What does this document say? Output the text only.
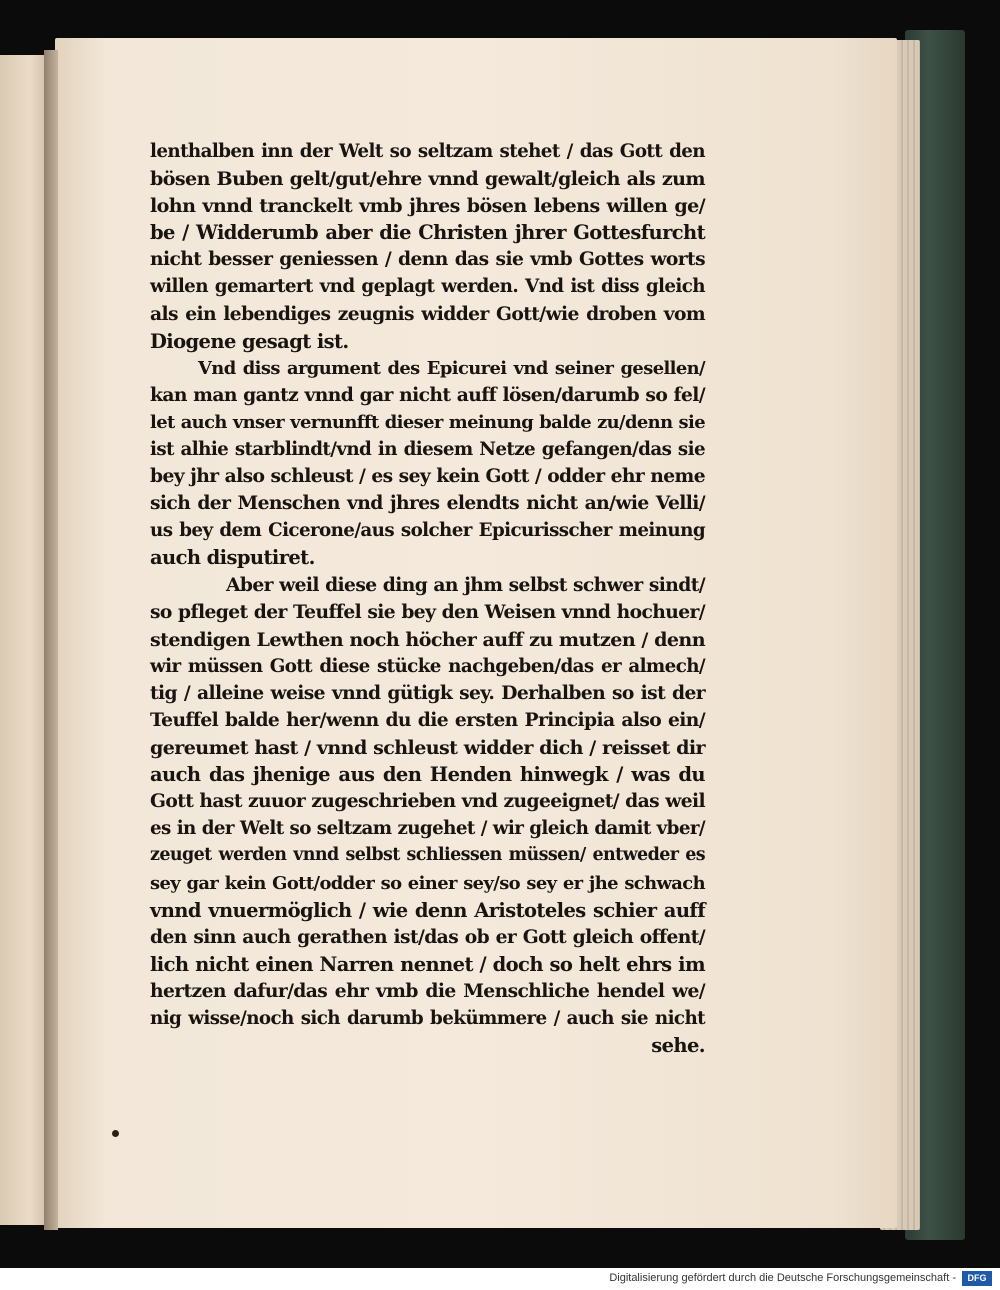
lenthalben inn der Welt so seltzam stehet / das Gott den
bösen Buben gelt/gut/ehre vnnd gewalt/gleich als zum
lohn vnnd tranckelt vmb jhres bösen lebens willen ge/
be / Widderumb aber die Christen jhrer Gottesfurcht
nicht besser geniessen / denn das sie vmb Gottes worts
willen gemartert vnd geplagt werden. Vnd ist diss gleich
als ein lebendiges zeugnis widder Gott/wie droben vom
Diogene gesagt ist.
Vnd diss argument des Epicurei vnd seiner gesellen/
kan man gantz vnnd gar nicht auff lösen/darumb so fel/
let auch vnser vernunfft dieser meinung balde zu/denn sie
ist alhie starblindt/vnd in diesem Netze gefangen/das sie
bey jhr also schleust / es sey kein Gott / odder ehr neme
sich der Menschen vnd jhres elendts nicht an/wie Velli/
us bey dem Cicerone/aus solcher Epicurisscher meinung
auch disputiret.
Aber weil diese ding an jhm selbst schwer sindt/
so pfleget der Teuffel sie bey den Weisen vnnd hochuer/
stendigen Lewthen noch höcher auff zu mutzen / denn
wir müssen Gott diese stücke nachgeben/das er almech/
tig / alleine weise vnnd gütigk sey. Derhalben so ist der
Teuffel balde her/wenn du die ersten Principia also ein/
gereumet hast / vnnd schleust widder dich / reisset dir
auch das jhenige aus den Henden hinwegk / was du
Gott hast zuuor zugeschrieben vnd zugeeignet/ das weil
es in der Welt so seltzam zugehet / wir gleich damit vber/
zeuget werden vnnd selbst schliessen müssen/ entweder es
sey gar kein Gott/odder so einer sey/so sey er jhe schwach
vnnd vnuermöglich / wie denn Aristoteles schier auff
den sinn auch gerathen ist/das ob er Gott gleich offent/
lich nicht einen Narren nennet / doch so helt ehrs im
hertzen dafur/das ehr vmb die Menschliche hendel we/
nig wisse/noch sich darumb bekümmere / auch sie nicht
sehe.
Digitalisierung gefördert durch die Deutsche Forschungsgemeinschaft -	DFG
